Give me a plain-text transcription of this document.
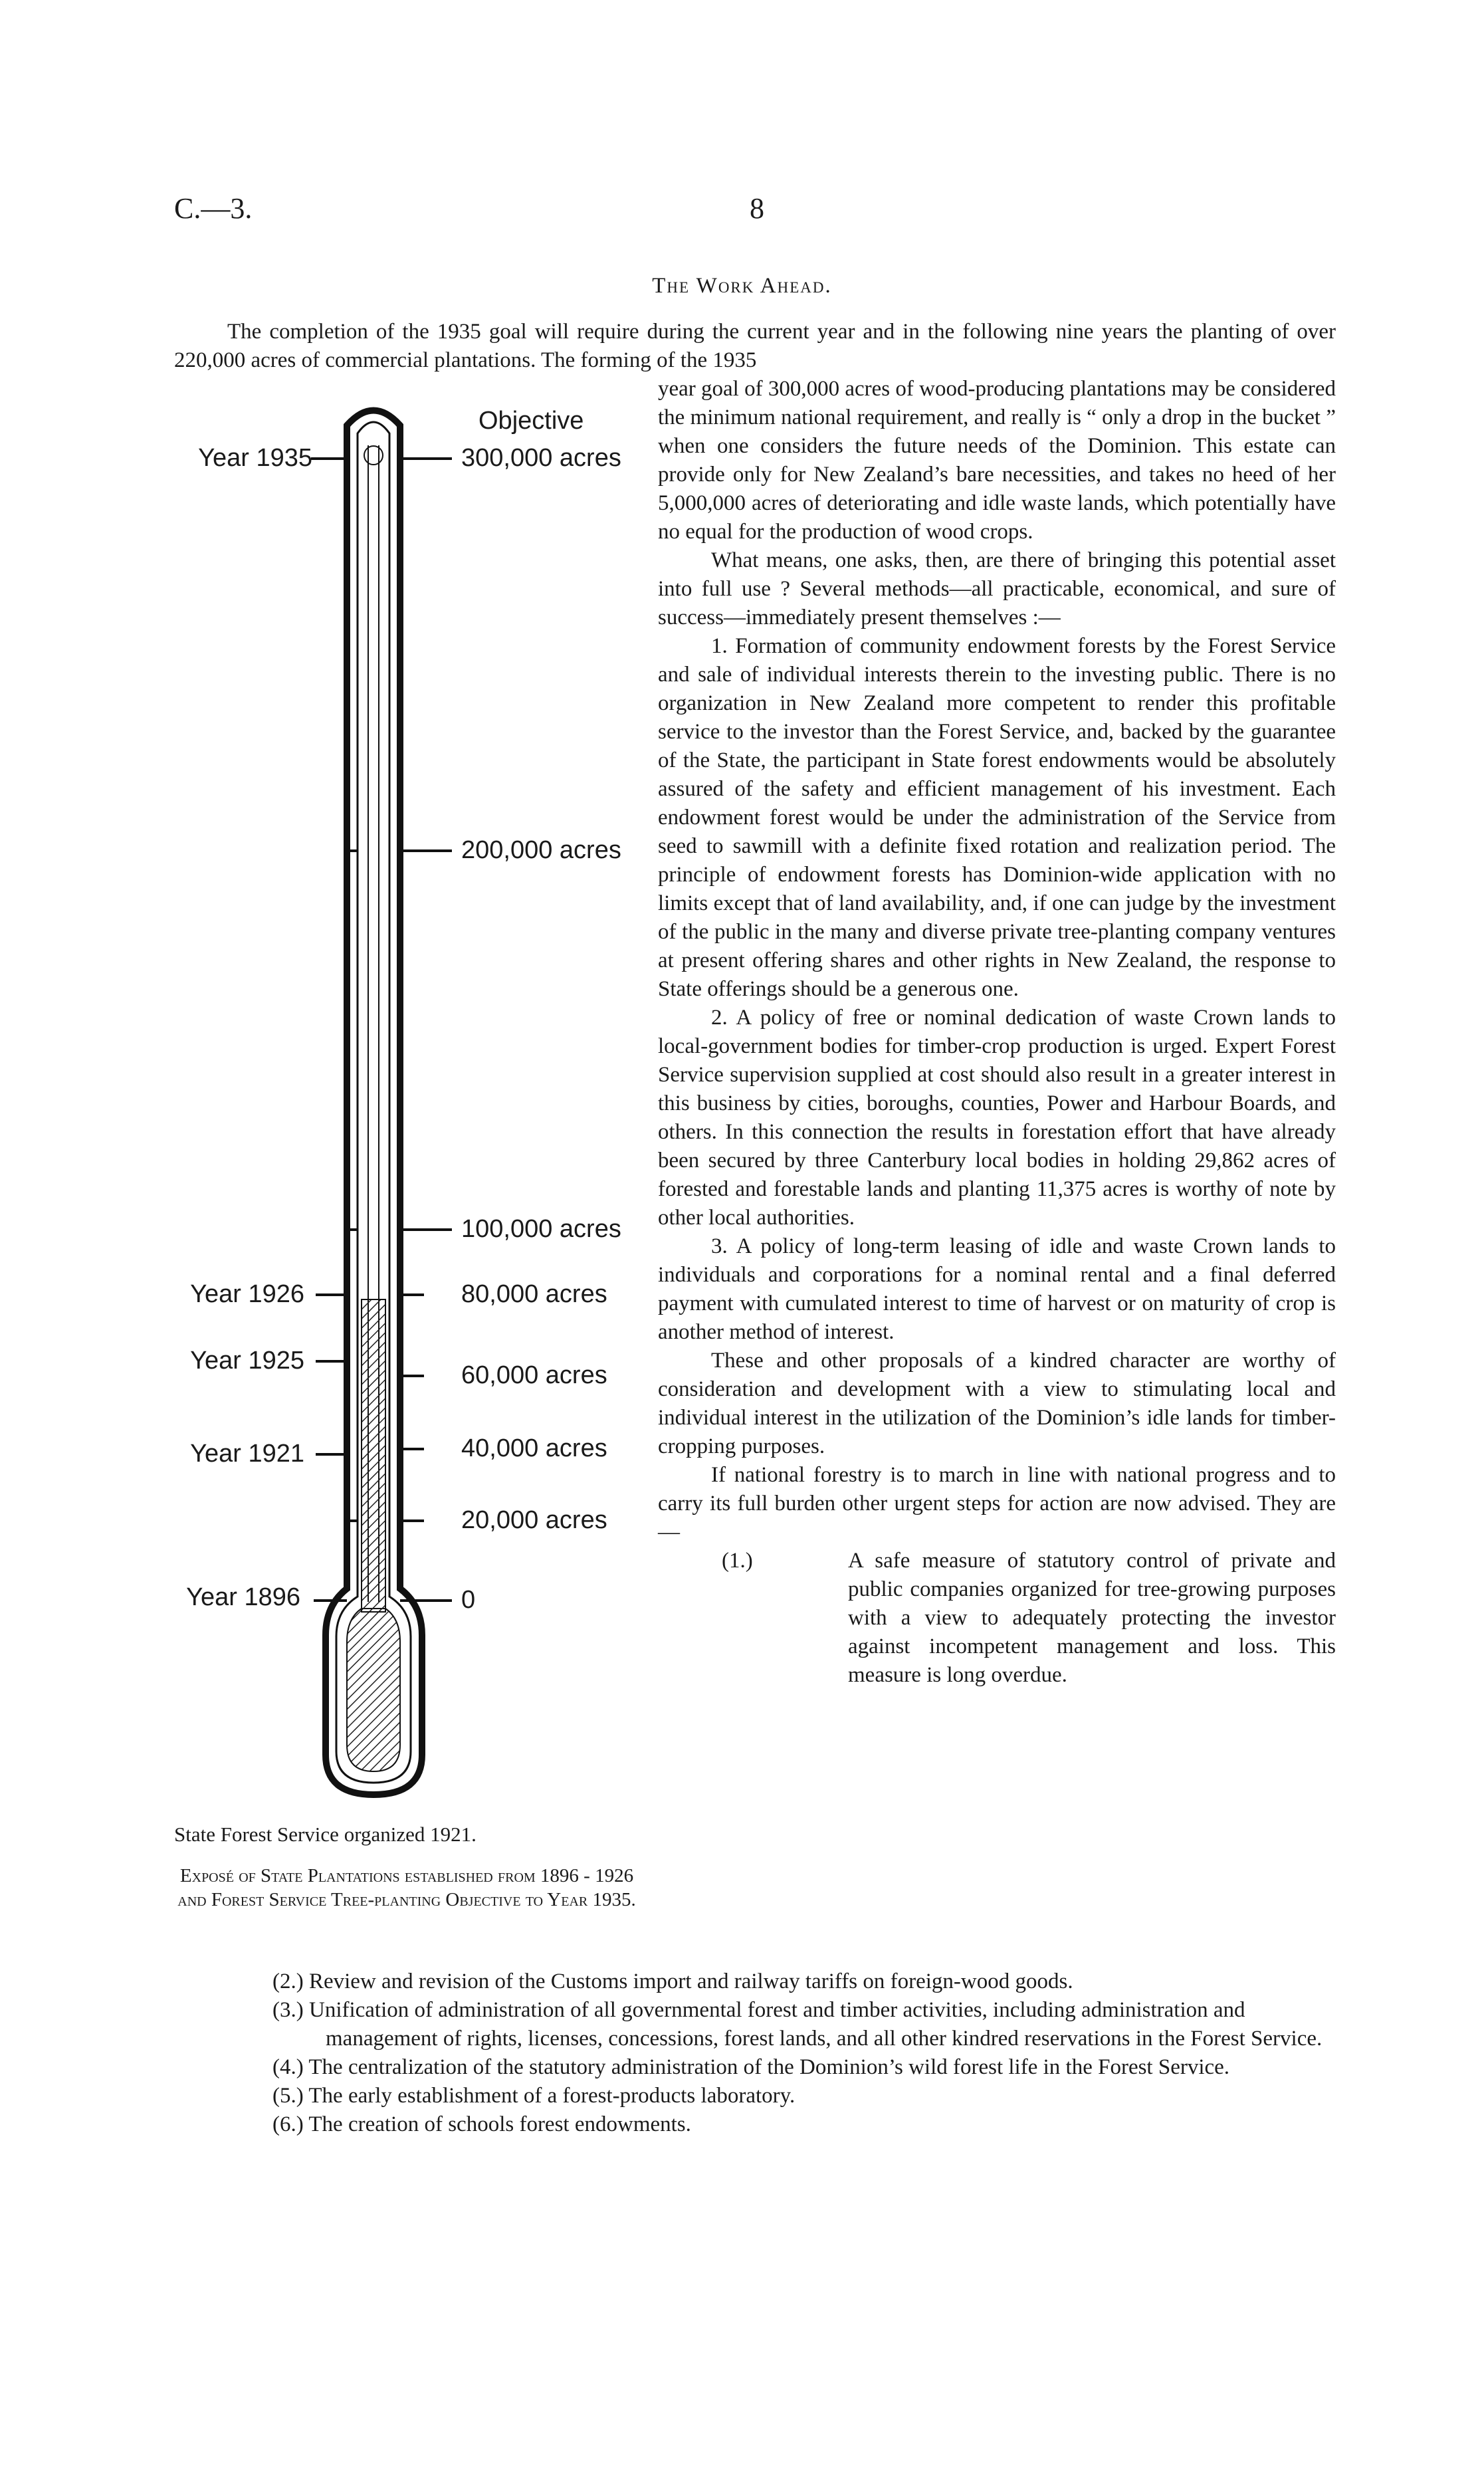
C.—3.	8
The Work Ahead.

The completion of the 1935 goal will require during the current year and in the following nine years the planting of over 220,000 acres of commercial plantations. The forming of the 1935

Objective
300,000 acres
200,000 acres
100,000 acres
80,000 acres
60,000 acres
40,000 acres
20,000 acres
0
Year 1935
Year 1926
Year 1925
Year 1921
Year 1896
State Forest Service organized 1921.
Exposé of State Plantations established from 1896 - 1926 and Forest Service Tree-planting Objective to Year 1935.

year goal of 300,000 acres of wood-producing plantations may be considered the minimum national requirement, and really is “ only a drop in the bucket ” when one considers the future needs of the Dominion. This estate can provide only for New Zealand’s bare necessities, and takes no heed of her 5,000,000 acres of deteriorating and idle waste lands, which potentially have no equal for the production of wood crops.

What means, one asks, then, are there of bringing this potential asset into full use ? Several methods—all practicable, economical, and sure of success—immediately present themselves :—

1. Formation of community endowment forests by the Forest Service and sale of individual interests therein to the investing public. There is no organization in New Zealand more competent to render this profitable service to the investor than the Forest Service, and, backed by the guarantee of the State, the participant in State forest endowments would be absolutely assured of the safety and efficient management of his investment. Each endowment forest would be under the administration of the Service from seed to sawmill with a definite fixed rotation and realization period. The principle of endowment forests has Dominion-wide application with no limits except that of land availability, and, if one can judge by the investment of the public in the many and diverse private tree-planting company ventures at present offering shares and other rights in New Zealand, the response to State offerings should be a generous one.

2. A policy of free or nominal dedication of waste Crown lands to local-government bodies for timber-crop production is urged. Expert Forest Service supervision supplied at cost should also result in a greater interest in this business by cities, boroughs, counties, Power and Harbour Boards, and others. In this connection the results in forestation effort that have already been secured by three Canterbury local bodies in holding 29,862 acres of forested and forestable lands and planting 11,375 acres is worthy of note by other local authorities.

3. A policy of long-term leasing of idle and waste Crown lands to individuals and corporations for a nominal rental and a final deferred payment with cumulated interest to time of harvest or on maturity of crop is another method of interest.

These and other proposals of a kindred character are worthy of consideration and development with a view to stimulating local and individual interest in the utilization of the Dominion’s idle lands for timber-cropping purposes.

If national forestry is to march in line with national progress and to carry its full burden other urgent steps for action are now advised. They are—

(1.)	A safe measure of statutory control of private and public companies organized for tree-growing purposes with a view to adequately protecting the investor against incompetent management and loss. This measure is long overdue.
(2.) Review and revision of the Customs import and railway tariffs on foreign-wood goods.
(3.) Unification of administration of all governmental forest and timber activities, including administration and management of rights, licenses, concessions, forest lands, and all other kindred reservations in the Forest Service.
(4.) The centralization of the statutory administration of the Dominion’s wild forest life in the Forest Service.
(5.) The early establishment of a forest-products laboratory.
(6.) The creation of schools forest endowments.
